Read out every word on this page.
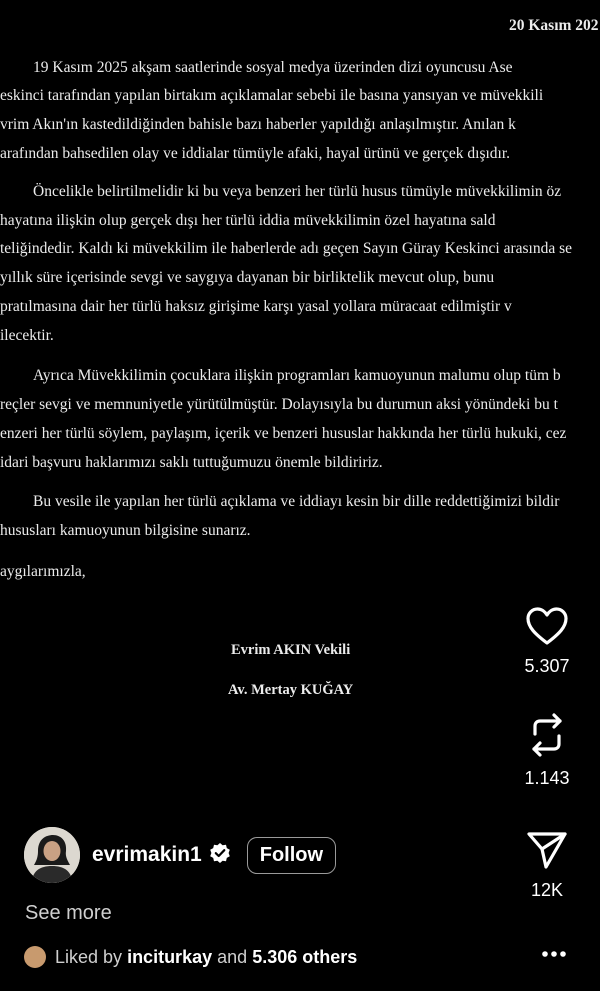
20 Kasım 202
19 Kasım 2025 akşam saatlerinde sosyal medya üzerinden dizi oyuncusu Ase
eskinci tarafından yapılan birtakım açıklamalar sebebi ile basına yansıyan ve müvekkili
vrim Akın'ın kastedildiğinden bahisle bazı haberler yapıldığı anlaşılmıştır. Anılan k
arafından bahsedilen olay ve iddialar tümüyle afaki, hayal ürünü ve gerçek dışıdır.
Öncelikle belirtilmelidir ki bu veya benzeri her türlü husus tümüyle müvekkilimin öz
hayatına ilişkin olup gerçek dışı her türlü iddia müvekkilimin özel hayatına sald
teliğindedir. Kaldı ki müvekkilim ile haberlerde adı geçen Sayın Güray Keskinci arasında se
yıllık süre içerisinde sevgi ve saygıya dayanan bir birliktelik mevcut olup, bunu
pratılmasına dair her türlü haksız girişime karşı yasal yollara müracaat edilmiştir v
ilecektir.
Ayrıca Müvekkilimin çocuklara ilişkin programları kamuoyunun malumu olup tüm b
reçler sevgi ve memnuniyetle yürütülmüştür. Dolayısıyla bu durumun aksi yönündeki bu t
enzeri her türlü söylem, paylaşım, içerik ve benzeri hususlar hakkında her türlü hukuki, cez
idari başvuru haklarımızı saklı tuttuğumuzu önemle bildiririz.
Bu vesile ile yapılan her türlü açıklama ve iddiayı kesin bir dille reddettiğimizi bildir
hususları kamuoyunun bilgisine sunarız.
aygılarımızla,
Evrim AKIN Vekili
Av. Mertay KUĞAY
5.307
1.143
12K
evrimakin1	Follow
See more
Liked by
inciturkay
and
5.306 others
